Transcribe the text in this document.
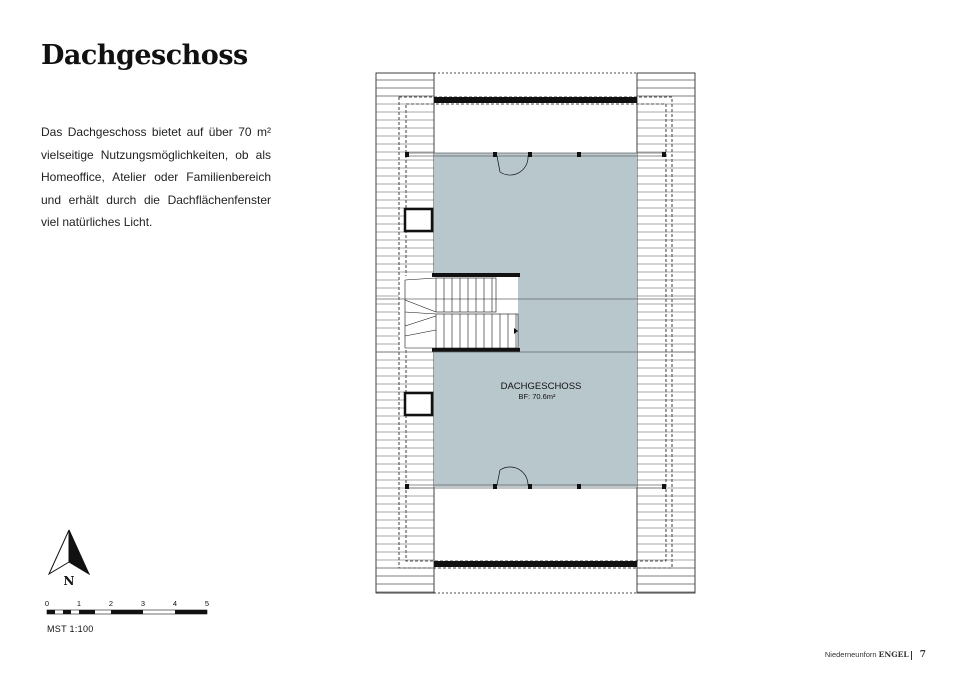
Dachgeschoss
Das Dachgeschoss bietet auf über 70 m² vielseitige Nutzungsmöglichkeiten, ob als Homeoffice, Atelier oder Familienbereich und erhält durch die Dachflächenfenster viel natürliches Licht.
DACHGESCHOSS
BF: 70.6m²
N
0	1	2	3	4	5
MST 1:100
Niederneunforn ENGEL 7
